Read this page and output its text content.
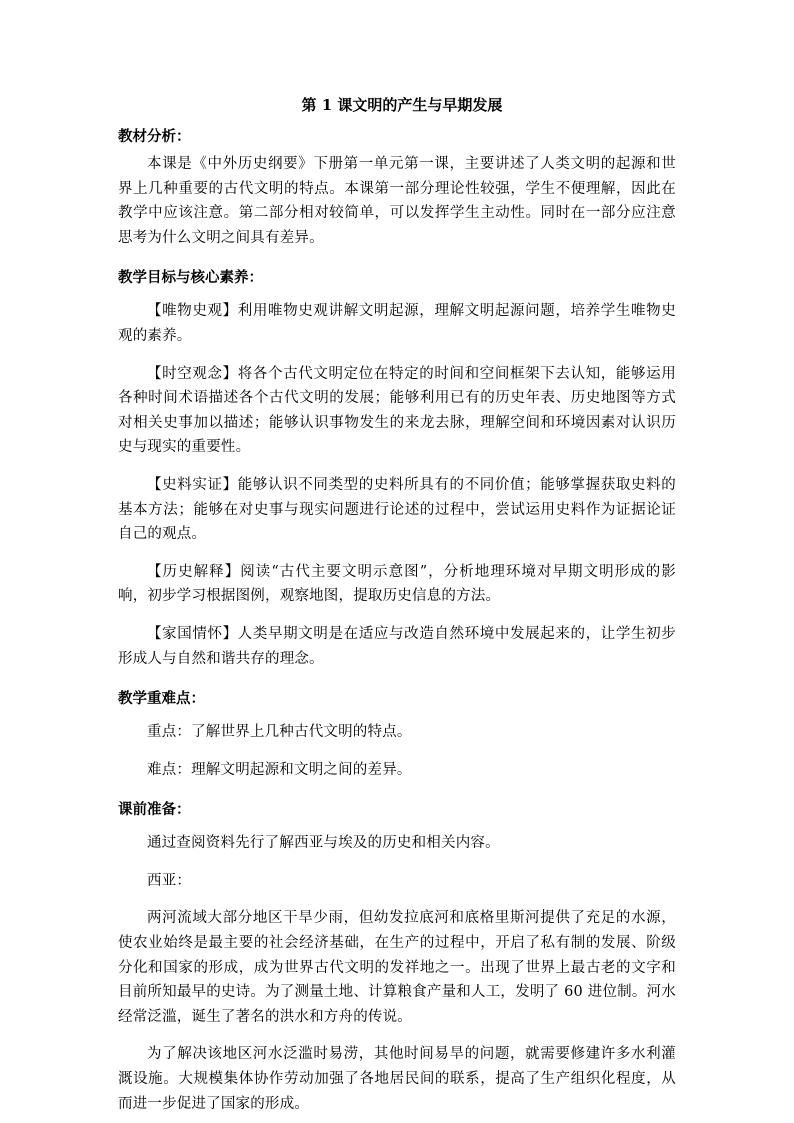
第 1 课文明的产生与早期发展
教材分析：

本课是《中外历史纲要》下册第一单元第一课，主要讲述了人类文明的起源和世界上几种重要的古代文明的特点。本课第一部分理论性较强，学生不便理解，因此在教学中应该注意。第二部分相对较简单，可以发挥学生主动性。同时在一部分应注意思考为什么文明之间具有差异。

教学目标与核心素养：

【唯物史观】利用唯物史观讲解文明起源，理解文明起源问题，培养学生唯物史观的素养。

【时空观念】将各个古代文明定位在特定的时间和空间框架下去认知，能够运用各种时间术语描述各个古代文明的发展；能够利用已有的历史年表、历史地图等方式对相关史事加以描述；能够认识事物发生的来龙去脉，理解空间和环境因素对认识历史与现实的重要性。

【史料实证】能够认识不同类型的史料所具有的不同价值；能够掌握获取史料的基本方法；能够在对史事与现实问题进行论述的过程中，尝试运用史料作为证据论证自己的观点。

【历史解释】阅读“古代主要文明示意图”，分析地理环境对早期文明形成的影响，初步学习根据图例，观察地图，提取历史信息的方法。

【家国情怀】人类早期文明是在适应与改造自然环境中发展起来的，让学生初步形成人与自然和谐共存的理念。

教学重难点：

重点：了解世界上几种古代文明的特点。

难点：理解文明起源和文明之间的差异。

课前准备：

通过查阅资料先行了解西亚与埃及的历史和相关内容。

西亚：

两河流域大部分地区干旱少雨，但幼发拉底河和底格里斯河提供了充足的水源，使农业始终是最主要的社会经济基础，在生产的过程中，开启了私有制的发展、阶级分化和国家的形成，成为世界古代文明的发祥地之一。出现了世界上最古老的文字和目前所知最早的史诗。为了测量土地、计算粮食产量和人工，发明了 60 进位制。河水经常泛滥，诞生了著名的洪水和方舟的传说。

为了解决该地区河水泛滥时易涝，其他时间易旱的问题，就需要修建许多水利灌溉设施。大规模集体协作劳动加强了各地居民间的联系，提高了生产组织化程度，从而进一步促进了国家的形成。
